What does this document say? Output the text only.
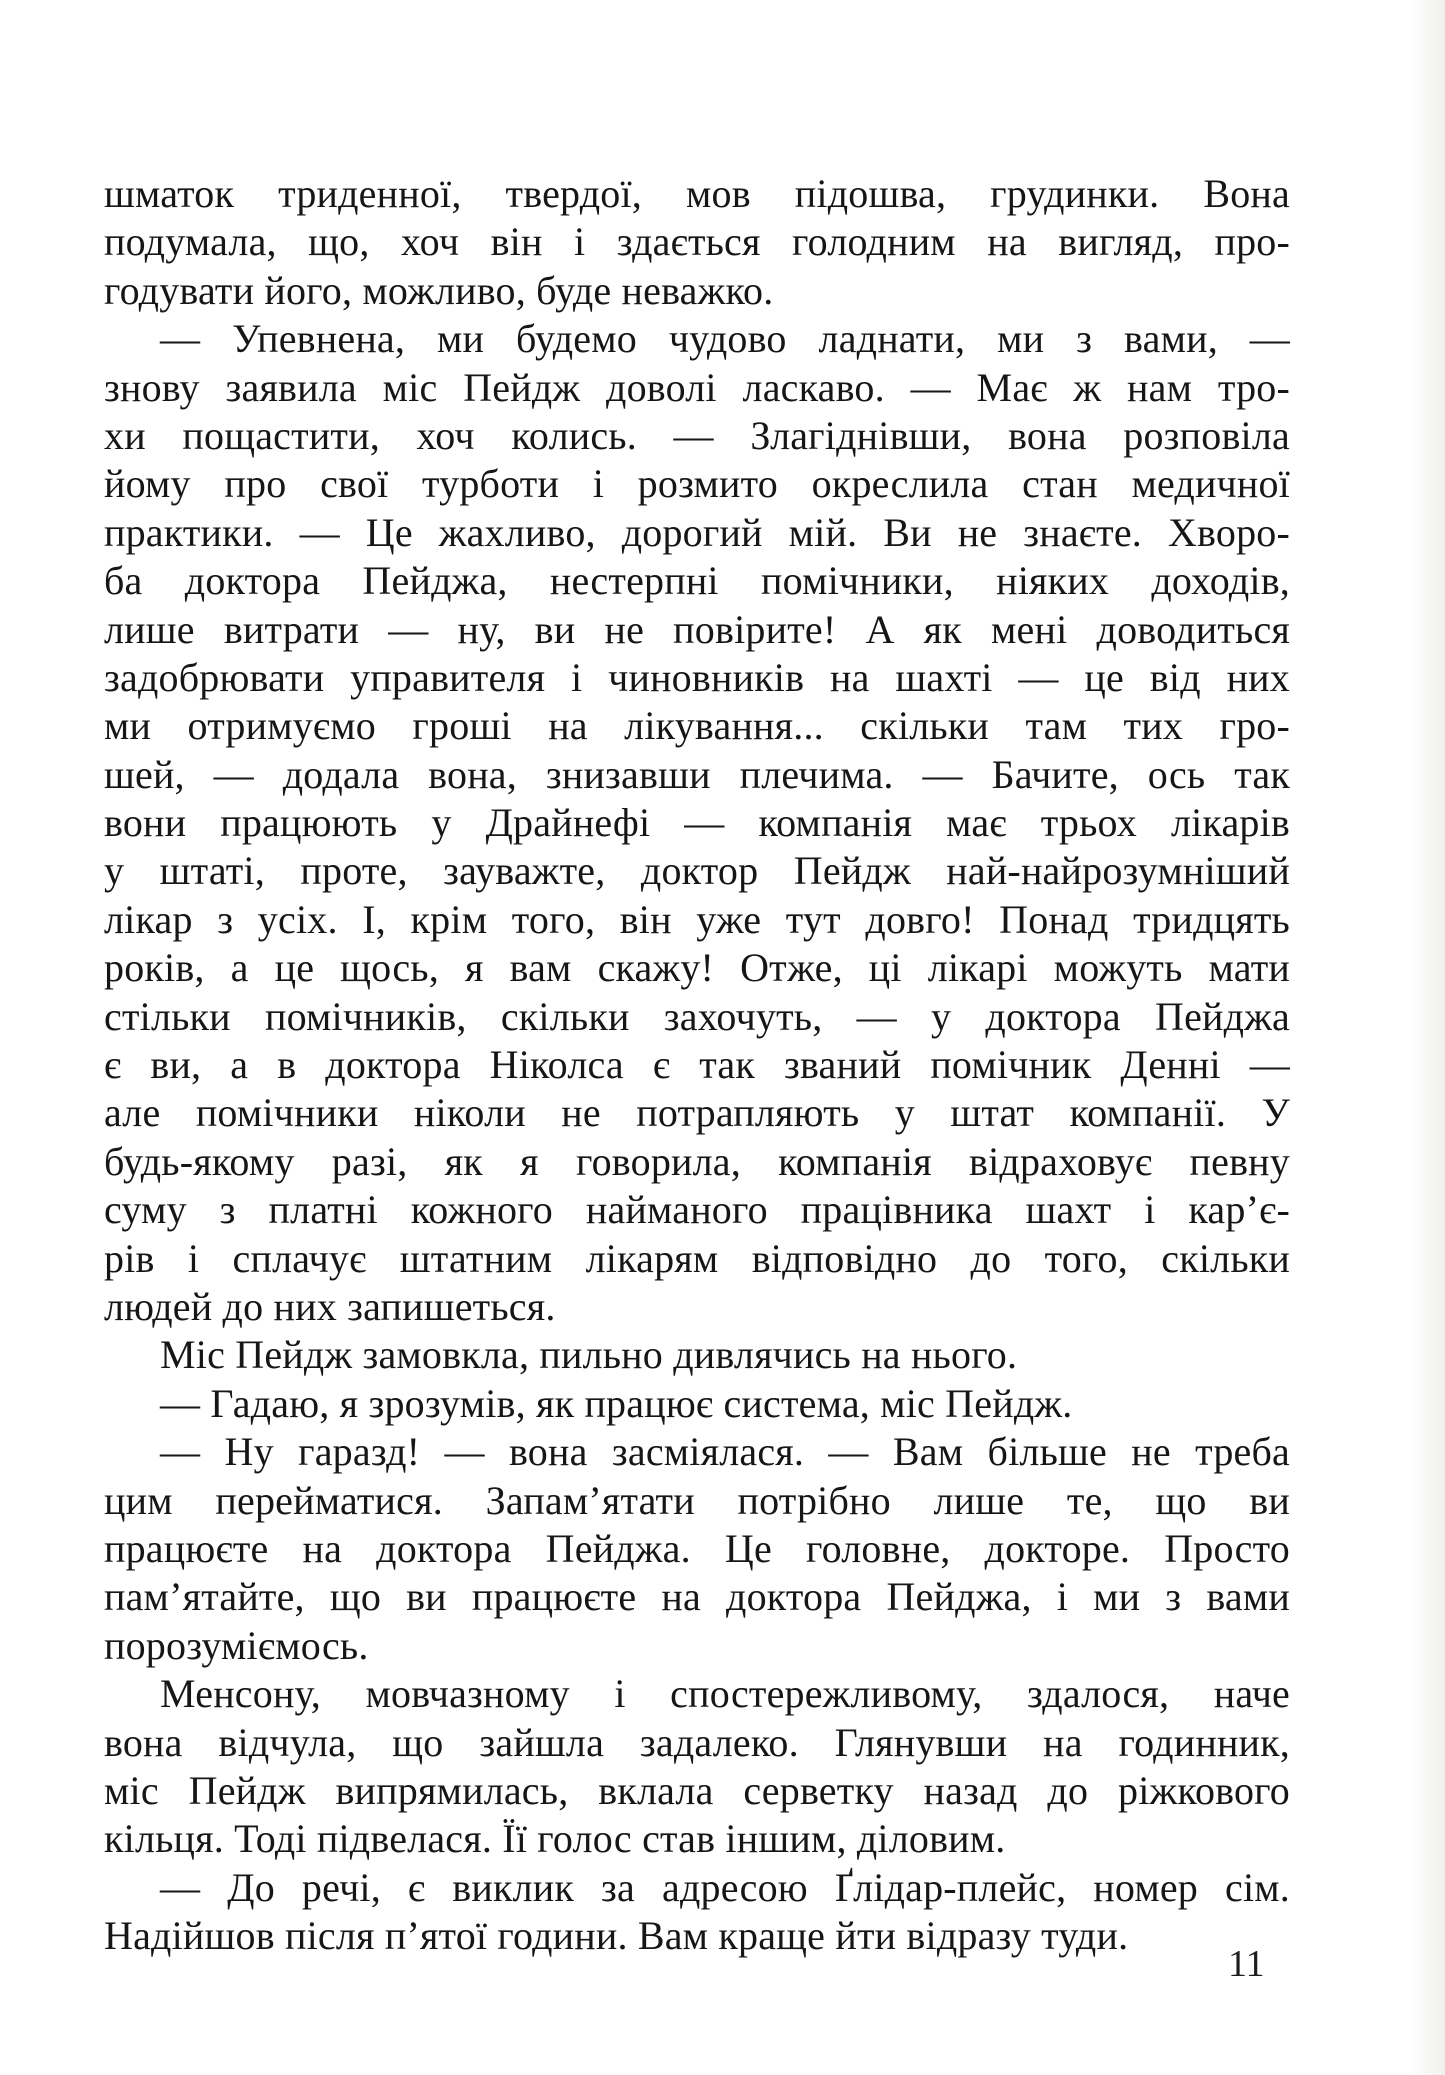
шматок триденної, твердої, мов підошва, грудинки. Вона
подумала, що, хоч він і здається голодним на вигляд, про-
годувати його, можливо, буде неважко.
— Упевнена, ми будемо чудово ладнати, ми з вами, —
знову заявила міс Пейдж доволі ласкаво. — Має ж нам тро-
хи пощастити, хоч колись. — Злагіднівши, вона розповіла
йому про свої турботи і розмито окреслила стан медичної
практики. — Це жахливо, дорогий мій. Ви не знаєте. Хворо-
ба доктора Пейджа, нестерпні помічники, ніяких доходів,
лише витрати — ну, ви не повірите! А як мені доводиться
задобрювати управителя і чиновників на шахті — це від них
ми отримуємо гроші на лікування... скільки там тих гро-
шей, — додала вона, знизавши плечима. — Бачите, ось так
вони працюють у Драйнефі — компанія має трьох лікарів
у штаті, проте, зауважте, доктор Пейдж най-найрозумніший
лікар з усіх. І, крім того, він уже тут довго! Понад тридцять
років, а це щось, я вам скажу! Отже, ці лікарі можуть мати
стільки помічників, скільки захочуть, — у доктора Пейджа
є ви, а в доктора Ніколса є так званий помічник Денні —
але помічники ніколи не потрапляють у штат компанії. У
будь-якому разі, як я говорила, компанія відраховує певну
суму з платні кожного найманого працівника шахт і кар’є-
рів і сплачує штатним лікарям відповідно до того, скільки
людей до них запишеться.
Міс Пейдж замовкла, пильно дивлячись на нього.
— Гадаю, я зрозумів, як працює система, міс Пейдж.
— Ну гаразд! — вона засміялася. — Вам більше не треба
цим перейматися. Запам’ятати потрібно лише те, що ви
працюєте на доктора Пейджа. Це головне, докторе. Просто
пам’ятайте, що ви працюєте на доктора Пейджа, і ми з вами
порозуміємось.
Менсону, мовчазному і спостережливому, здалося, наче
вона відчула, що зайшла задалеко. Глянувши на годинник,
міс Пейдж випрямилась, вклала серветку назад до ріжкового
кільця. Тоді підвелася. Її голос став іншим, діловим.
— До речі, є виклик за адресою Ґлідар-плейс, номер сім.
Надійшов після п’ятої години. Вам краще йти відразу туди.
11
